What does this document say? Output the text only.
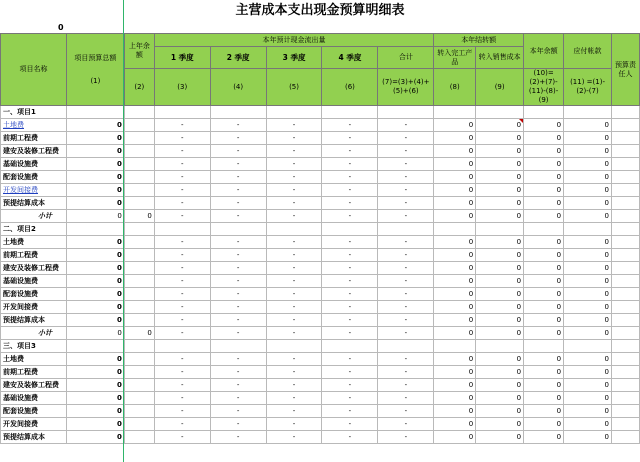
主营成本支出现金预算明细表
0
项目名称	项目预算总额
(1)	上年余额	本年预计现金流出量					本年结转额		本年余额	应付帐款	预算责任人
			1 季度	2 季度	3 季度	4 季度	合计	转入完工产品	转入销售成本			
		(2)	(3)	(4)	(5)	(6)	(7)=(3)+(4)+(5)+(6)	(8)	(9)	(10)=(2)+(7)-(11)-(8)-(9)	(11) =(1)-(2)-(7)	
一、项目1												
土地费	0		-	-	-	-	-	0	0	0	0	
前期工程费	0		-	-	-	-	-	0	0	0	0	
建安及装修工程费	0		-	-	-	-	-	0	0	0	0	
基础设施费	0		-	-	-	-	-	0	0	0	0	
配套设施费	0		-	-	-	-	-	0	0	0	0	
开发间接费	0		-	-	-	-	-	0	0	0	0	
预提结算成本	0		-	-	-	-	-	0	0	0	0	
小计	0	0	-	-	-	-	-	0	0	0	0	
二、项目2												
土地费	0		-	-	-	-	-	0	0	0	0	
前期工程费	0		-	-	-	-	-	0	0	0	0	
建安及装修工程费	0		-	-	-	-	-	0	0	0	0	
基础设施费	0		-	-	-	-	-	0	0	0	0	
配套设施费	0		-	-	-	-	-	0	0	0	0	
开发间接费	0		-	-	-	-	-	0	0	0	0	
预提结算成本	0		-	-	-	-	-	0	0	0	0	
小计	0	0	-	-	-	-	-	0	0	0	0	
三、项目3												
土地费	0		-	-	-	-	-	0	0	0	0	
前期工程费	0		-	-	-	-	-	0	0	0	0	
建安及装修工程费	0		-	-	-	-	-	0	0	0	0	
基础设施费	0		-	-	-	-	-	0	0	0	0	
配套设施费	0		-	-	-	-	-	0	0	0	0	
开发间接费	0		-	-	-	-	-	0	0	0	0	
预提结算成本	0		-	-	-	-	-	0	0	0	0	
